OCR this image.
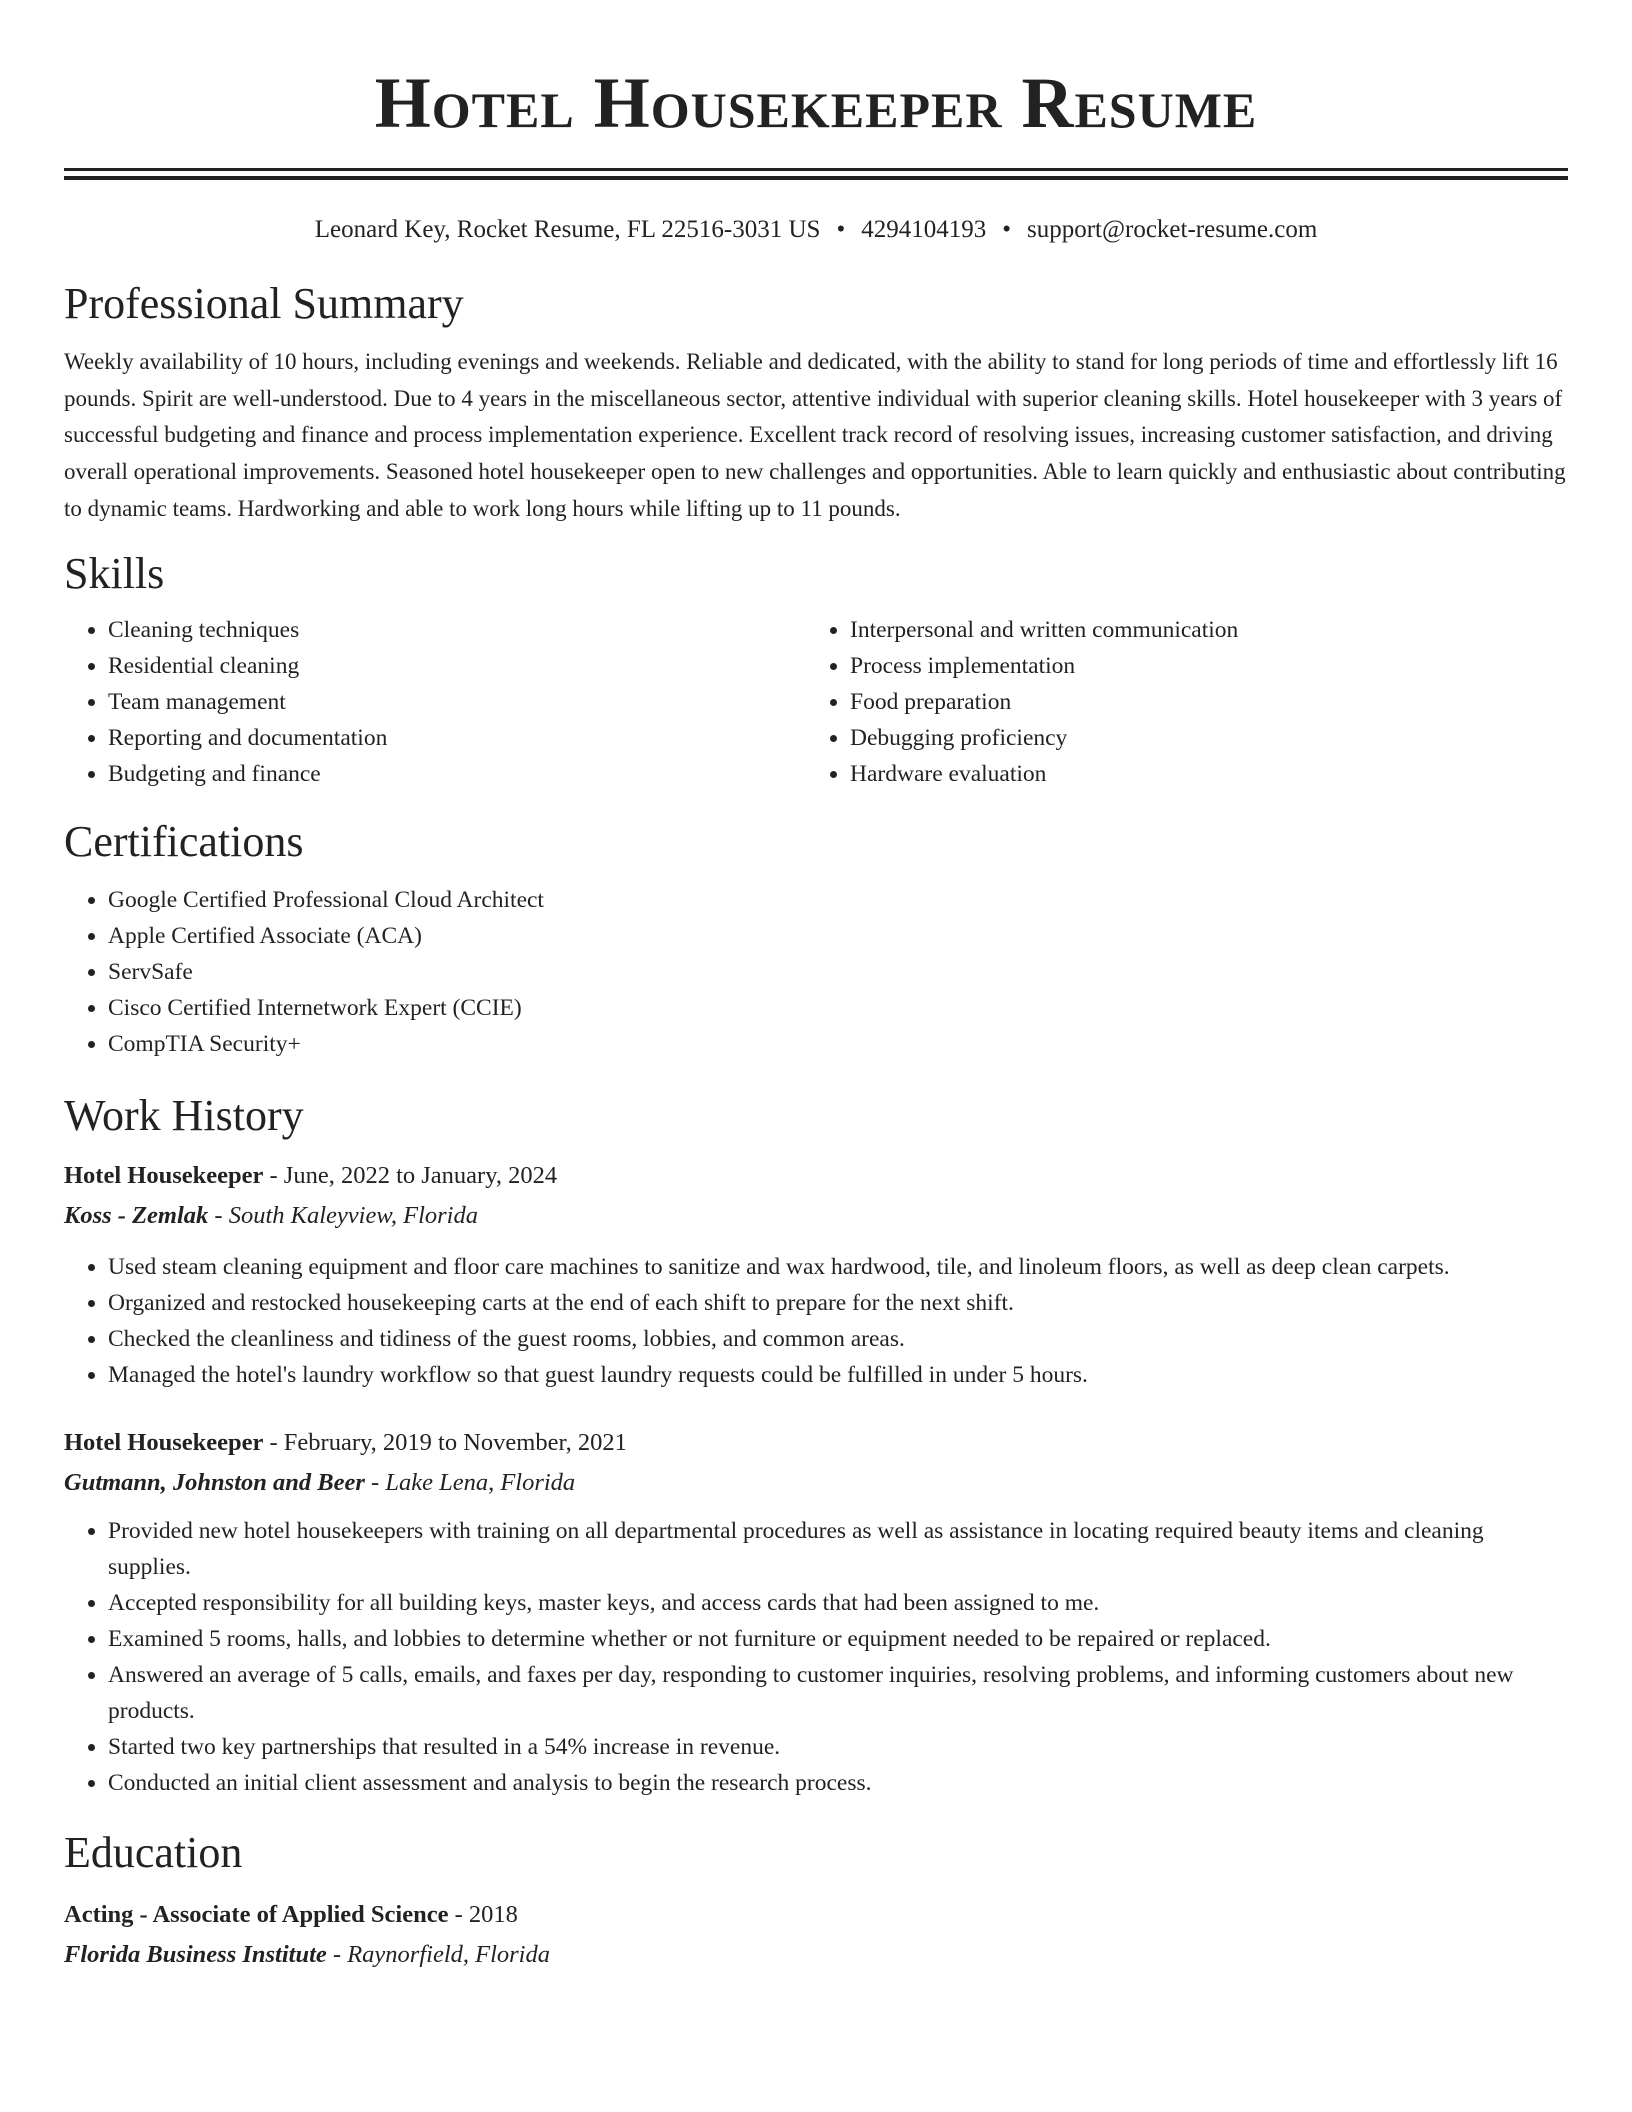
Hotel Housekeeper Resume
Leonard Key, Rocket Resume, FL 22516-3031 US • 4294104193 • support@rocket-resume.com
Professional Summary

Weekly availability of 10 hours, including evenings and weekends. Reliable and dedicated, with the ability to stand for long periods of time and effortlessly lift 16 pounds. Spirit are well-understood. Due to 4 years in the miscellaneous sector, attentive individual with superior cleaning skills. Hotel housekeeper with 3 years of successful budgeting and finance and process implementation experience. Excellent track record of resolving issues, increasing customer satisfaction, and driving overall operational improvements. Seasoned hotel housekeeper open to new challenges and opportunities. Able to learn quickly and enthusiastic about contributing to dynamic teams. Hardworking and able to work long hours while lifting up to 11 pounds.

Skills
• Cleaning techniques
• Residential cleaning
• Team management
• Reporting and documentation
• Budgeting and finance
• Interpersonal and written communication
• Process implementation
• Food preparation
• Debugging proficiency
• Hardware evaluation
Certifications
• Google Certified Professional Cloud Architect
• Apple Certified Associate (ACA)
• ServSafe
• Cisco Certified Internetwork Expert (CCIE)
• CompTIA Security+
Work History
Hotel Housekeeper - June, 2022 to January, 2024
Koss - Zemlak - South Kaleyview, Florida
• Used steam cleaning equipment and floor care machines to sanitize and wax hardwood, tile, and linoleum floors, as well as deep clean carpets.
• Organized and restocked housekeeping carts at the end of each shift to prepare for the next shift.
• Checked the cleanliness and tidiness of the guest rooms, lobbies, and common areas.
• Managed the hotel's laundry workflow so that guest laundry requests could be fulfilled in under 5 hours.
Hotel Housekeeper - February, 2019 to November, 2021
Gutmann, Johnston and Beer - Lake Lena, Florida
• Provided new hotel housekeepers with training on all departmental procedures as well as assistance in locating required beauty items and cleaning supplies.
• Accepted responsibility for all building keys, master keys, and access cards that had been assigned to me.
• Examined 5 rooms, halls, and lobbies to determine whether or not furniture or equipment needed to be repaired or replaced.
• Answered an average of 5 calls, emails, and faxes per day, responding to customer inquiries, resolving problems, and informing customers about new products.
• Started two key partnerships that resulted in a 54% increase in revenue.
• Conducted an initial client assessment and analysis to begin the research process.
Education
Acting - Associate of Applied Science - 2018
Florida Business Institute - Raynorfield, Florida
